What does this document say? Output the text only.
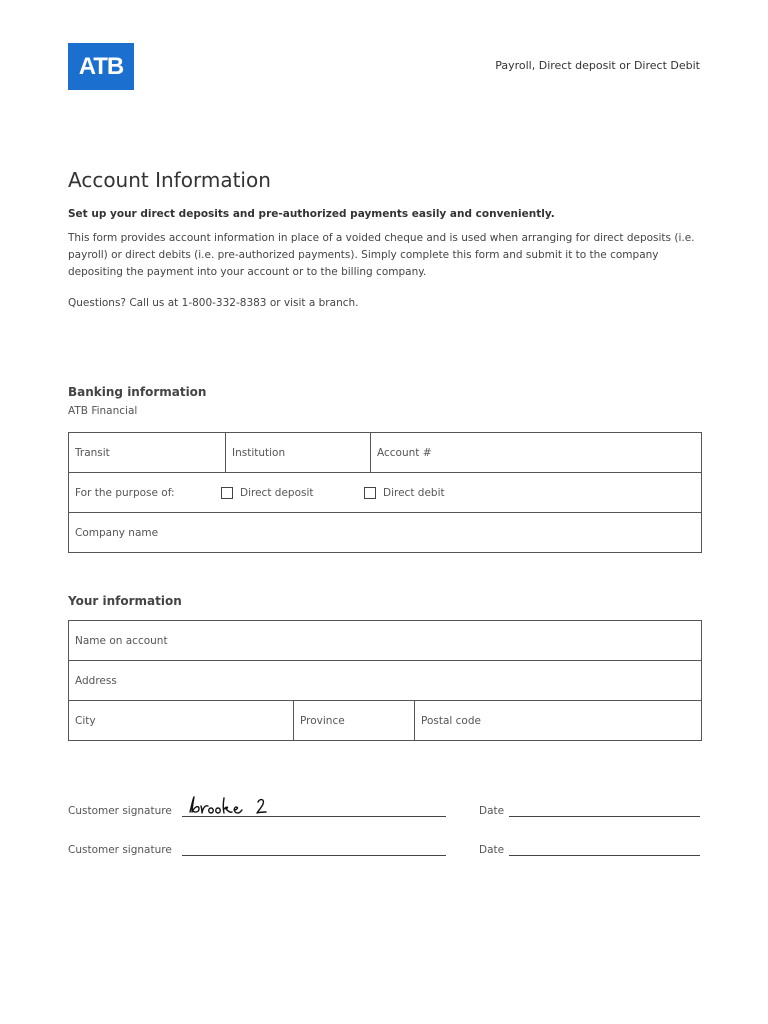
ATB	Payroll, Direct deposit or Direct Debit
Account Information
Set up your direct deposits and pre-authorized payments easily and conveniently.
This form provides account information in place of a voided cheque and is used when arranging for direct deposits (i.e. payroll) or direct debits (i.e. pre-authorized payments). Simply complete this form and submit it to the company depositing the payment into your account or to the billing company.
Questions? Call us at 1-800-332-8383 or visit a branch.
Banking information
ATB Financial
Transit	Institution	Account #

For the purpose of:	Direct deposit	Direct debit

Company name
Your information
Name on account
Address
City	Province	Postal code
Customer signature	Date
Customer signature	Date
